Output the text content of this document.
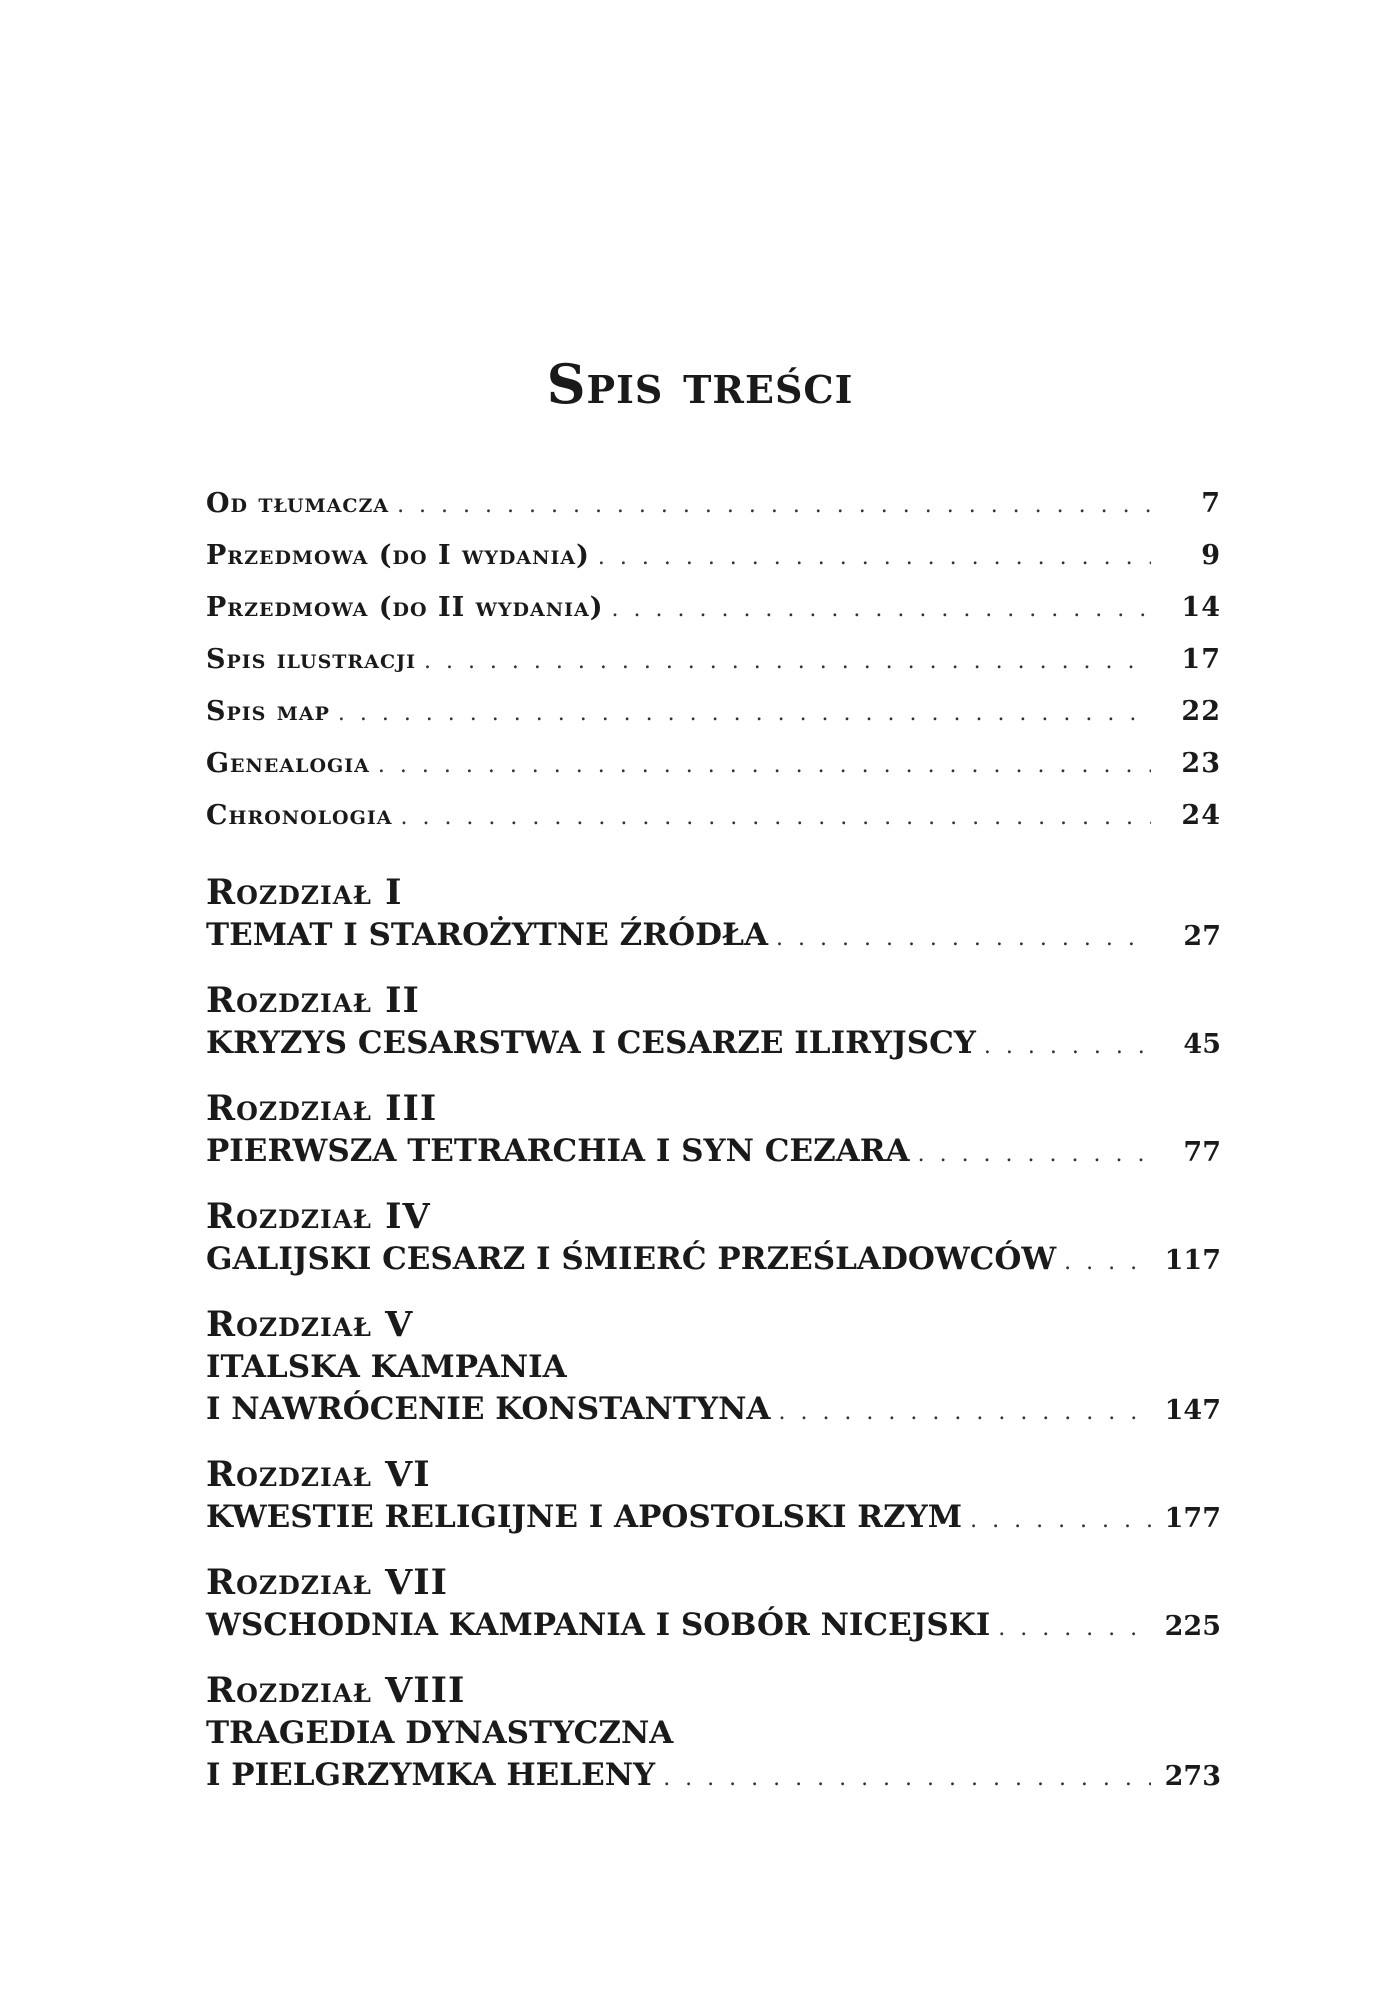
Spis treści
Od tłumacza . . .	7
Przedmowa (do I wydania) . . .	9
Przedmowa (do II wydania) . . .	14
Spis ilustracji . . .	17
Spis map . . .	22
Genealogia . . .	23
Chronologia . . .	24
Rozdział I
TEMAT I STAROŻYTNE ŹRÓDŁA . . .	27
Rozdział II
KRYZYS CESARSTWA I CESARZE ILIRYJSCY . . .	45
Rozdział III
PIERWSZA TETRARCHIA I SYN CEZARA . . .	77
Rozdział IV
GALIJSKI CESARZ I ŚMIERĆ PRZEŚLADOWCÓW . . .	117
Rozdział V
ITALSKA KAMPANIA
I NAWRÓCENIE KONSTANTYNA . . .	147
Rozdział VI
KWESTIE RELIGIJNE I APOSTOLSKI RZYM . . .	177
Rozdział VII
WSCHODNIA KAMPANIA I SOBÓR NICEJSKI . . .	225
Rozdział VIII
TRAGEDIA DYNASTYCZNA
I PIELGRZYMKA HELENY . . .	273
